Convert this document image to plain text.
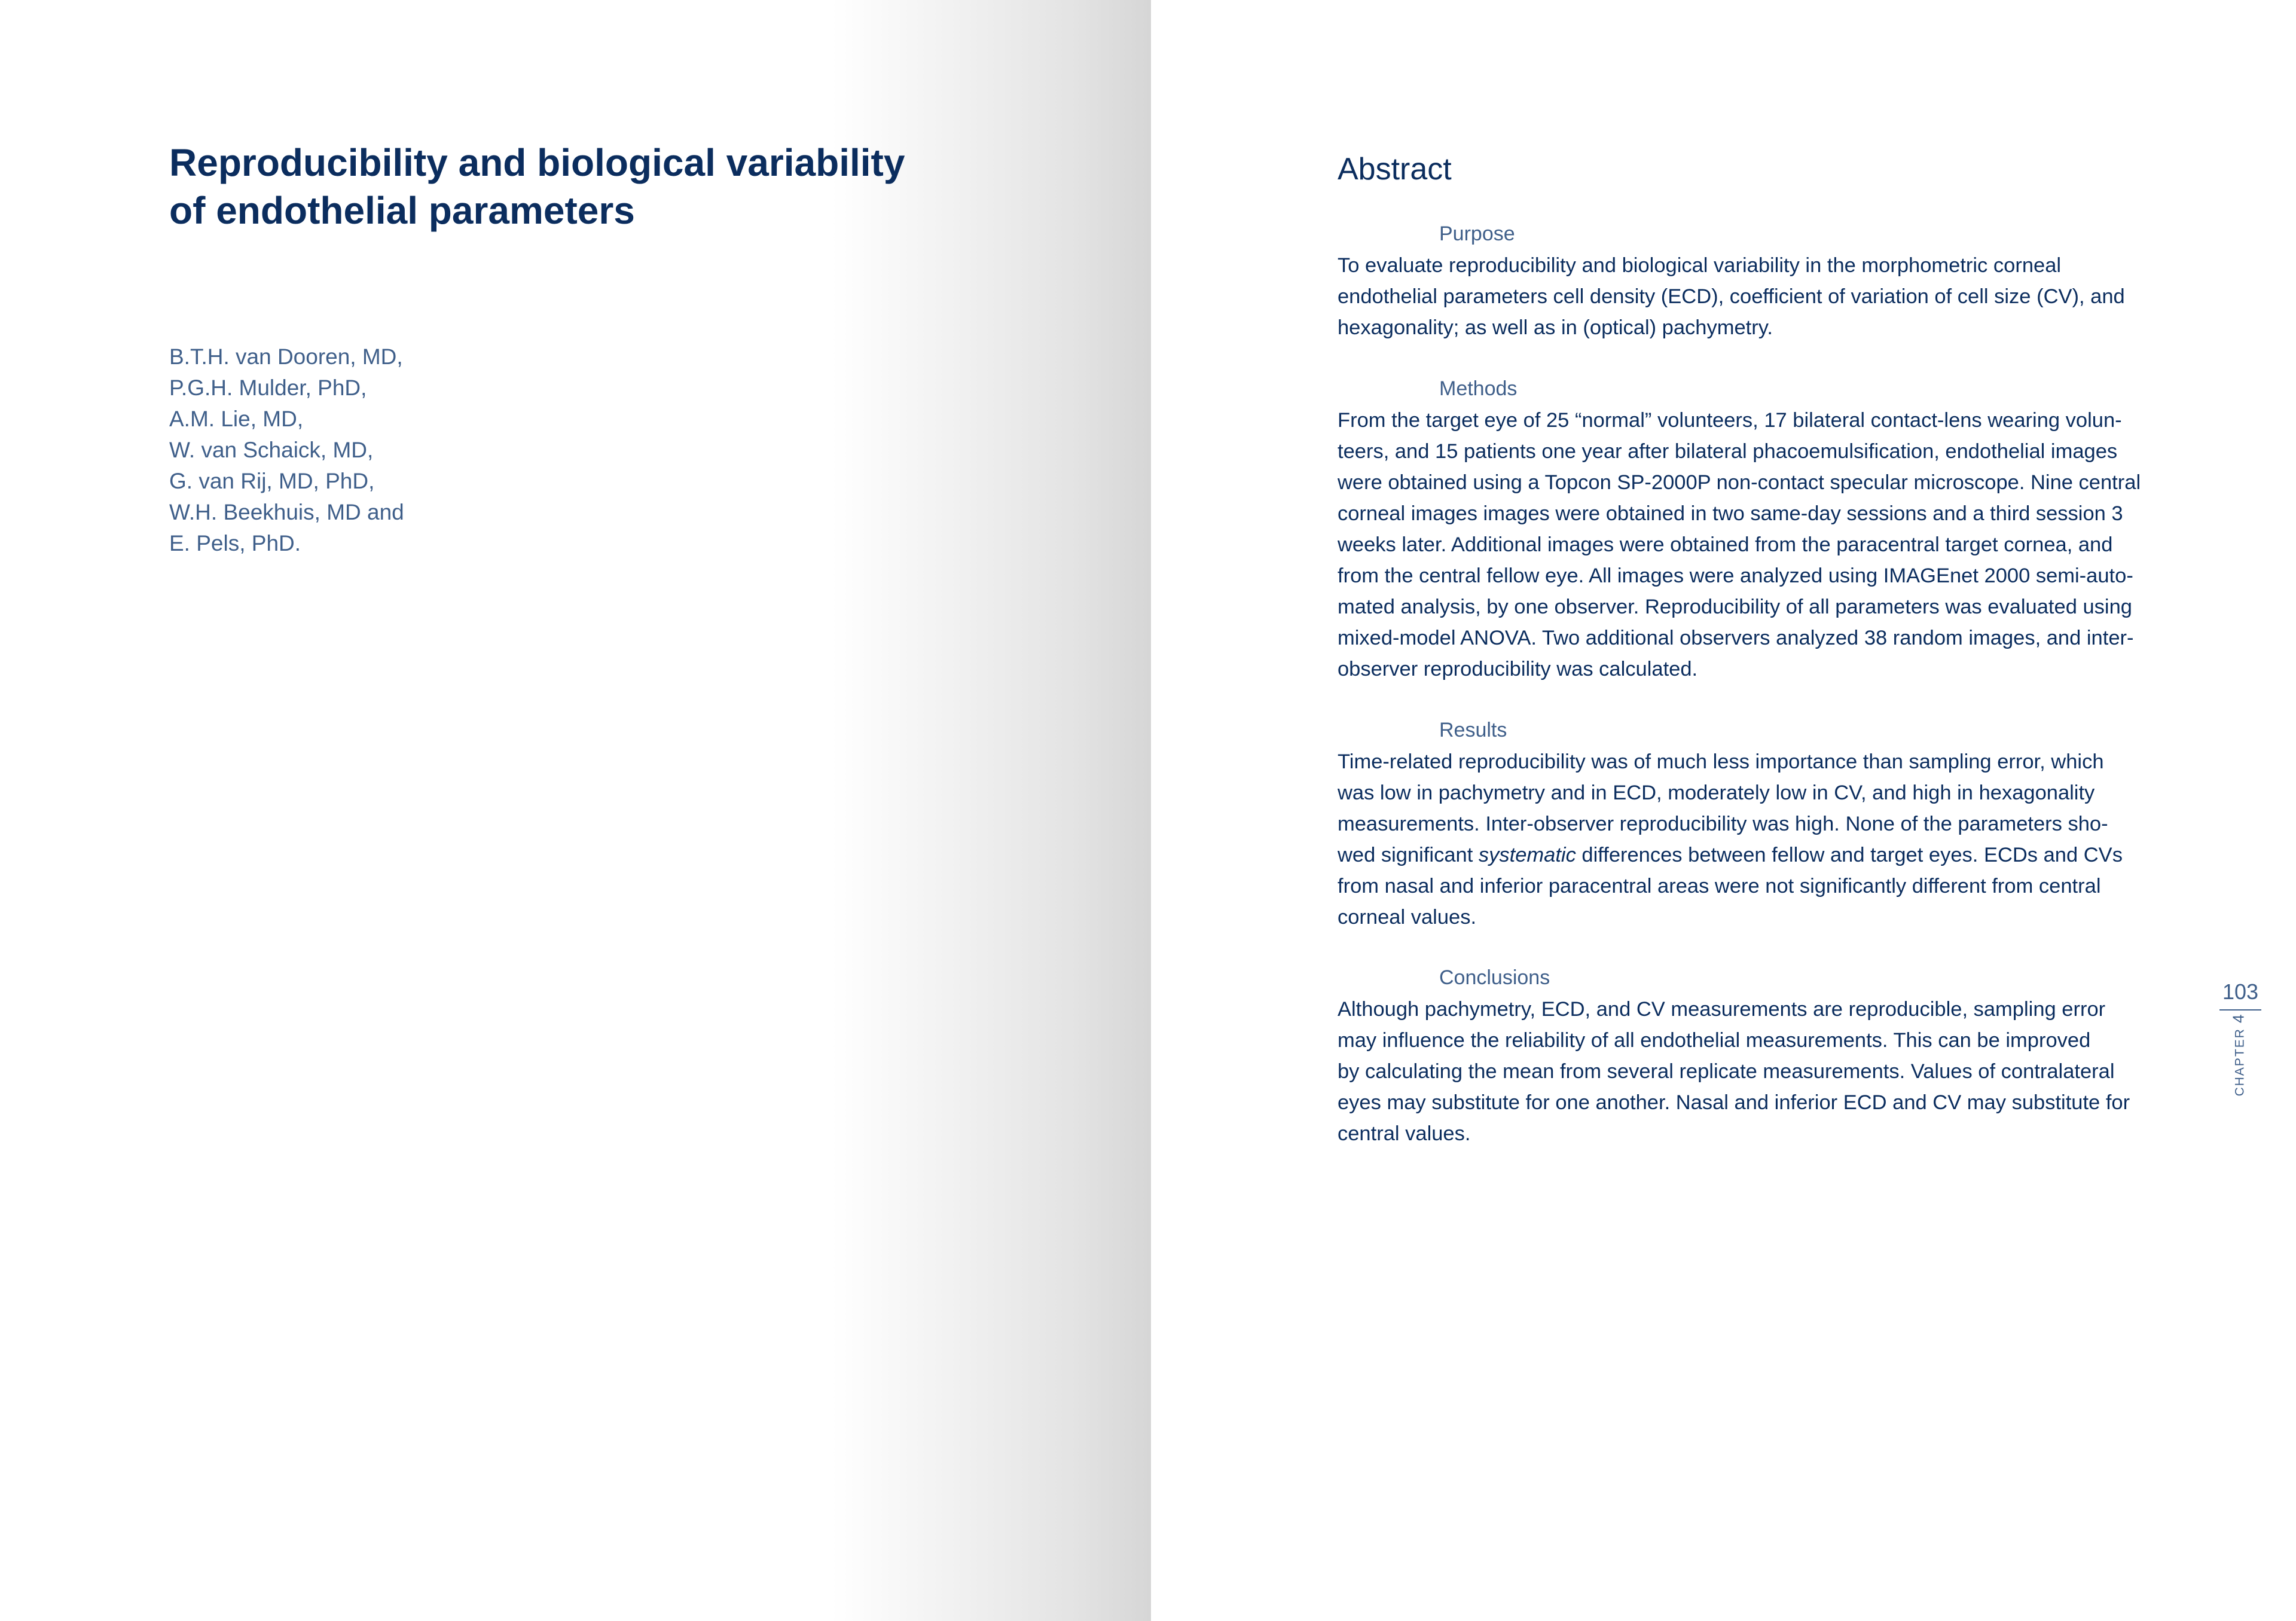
Reproducibility and biological variability
of endothelial parameters
B.T.H. van Dooren, MD,
P.G.H. Mulder, PhD,
A.M. Lie, MD,
W. van Schaick, MD,
G. van Rij, MD, PhD,
W.H. Beekhuis, MD and
E. Pels, PhD.
Abstract
Purpose
To evaluate reproducibility and biological variability in the morphometric corneal
endothelial parameters cell density (ECD), coefficient of variation of cell size (CV), and
hexagonality; as well as in (optical) pachymetry.
Methods
From the target eye of 25 “normal” volunteers, 17 bilateral contact-lens wearing volun-
teers, and 15 patients one year after bilateral phacoemulsification, endothelial images
were obtained using a Topcon SP-2000P non-contact specular microscope. Nine central
corneal images images were obtained in two same-day sessions and a third session 3
weeks later. Additional images were obtained from the paracentral target cornea, and
from the central fellow eye. All images were analyzed using IMAGEnet 2000 semi-auto-
mated analysis, by one observer. Reproducibility of all parameters was evaluated using
mixed-model ANOVA. Two additional observers analyzed 38 random images, and inter-
observer reproducibility was calculated.
Results
Time-related reproducibility was of much less importance than sampling error, which
was low in pachymetry and in ECD, moderately low in CV, and high in hexagonality
measurements. Inter-observer reproducibility was high. None of the parameters sho-
wed significant systematic differences between fellow and target eyes. ECDs and CVs
from nasal and inferior paracentral areas were not significantly different from central
corneal values.
Conclusions
Although pachymetry, ECD, and CV measurements are reproducible, sampling error
may influence the reliability of all endothelial measurements. This can be improved
by calculating the mean from several replicate measurements. Values of contralateral
eyes may substitute for one another. Nasal and inferior ECD and CV may substitute for
central values.
103
CHAPTER4
